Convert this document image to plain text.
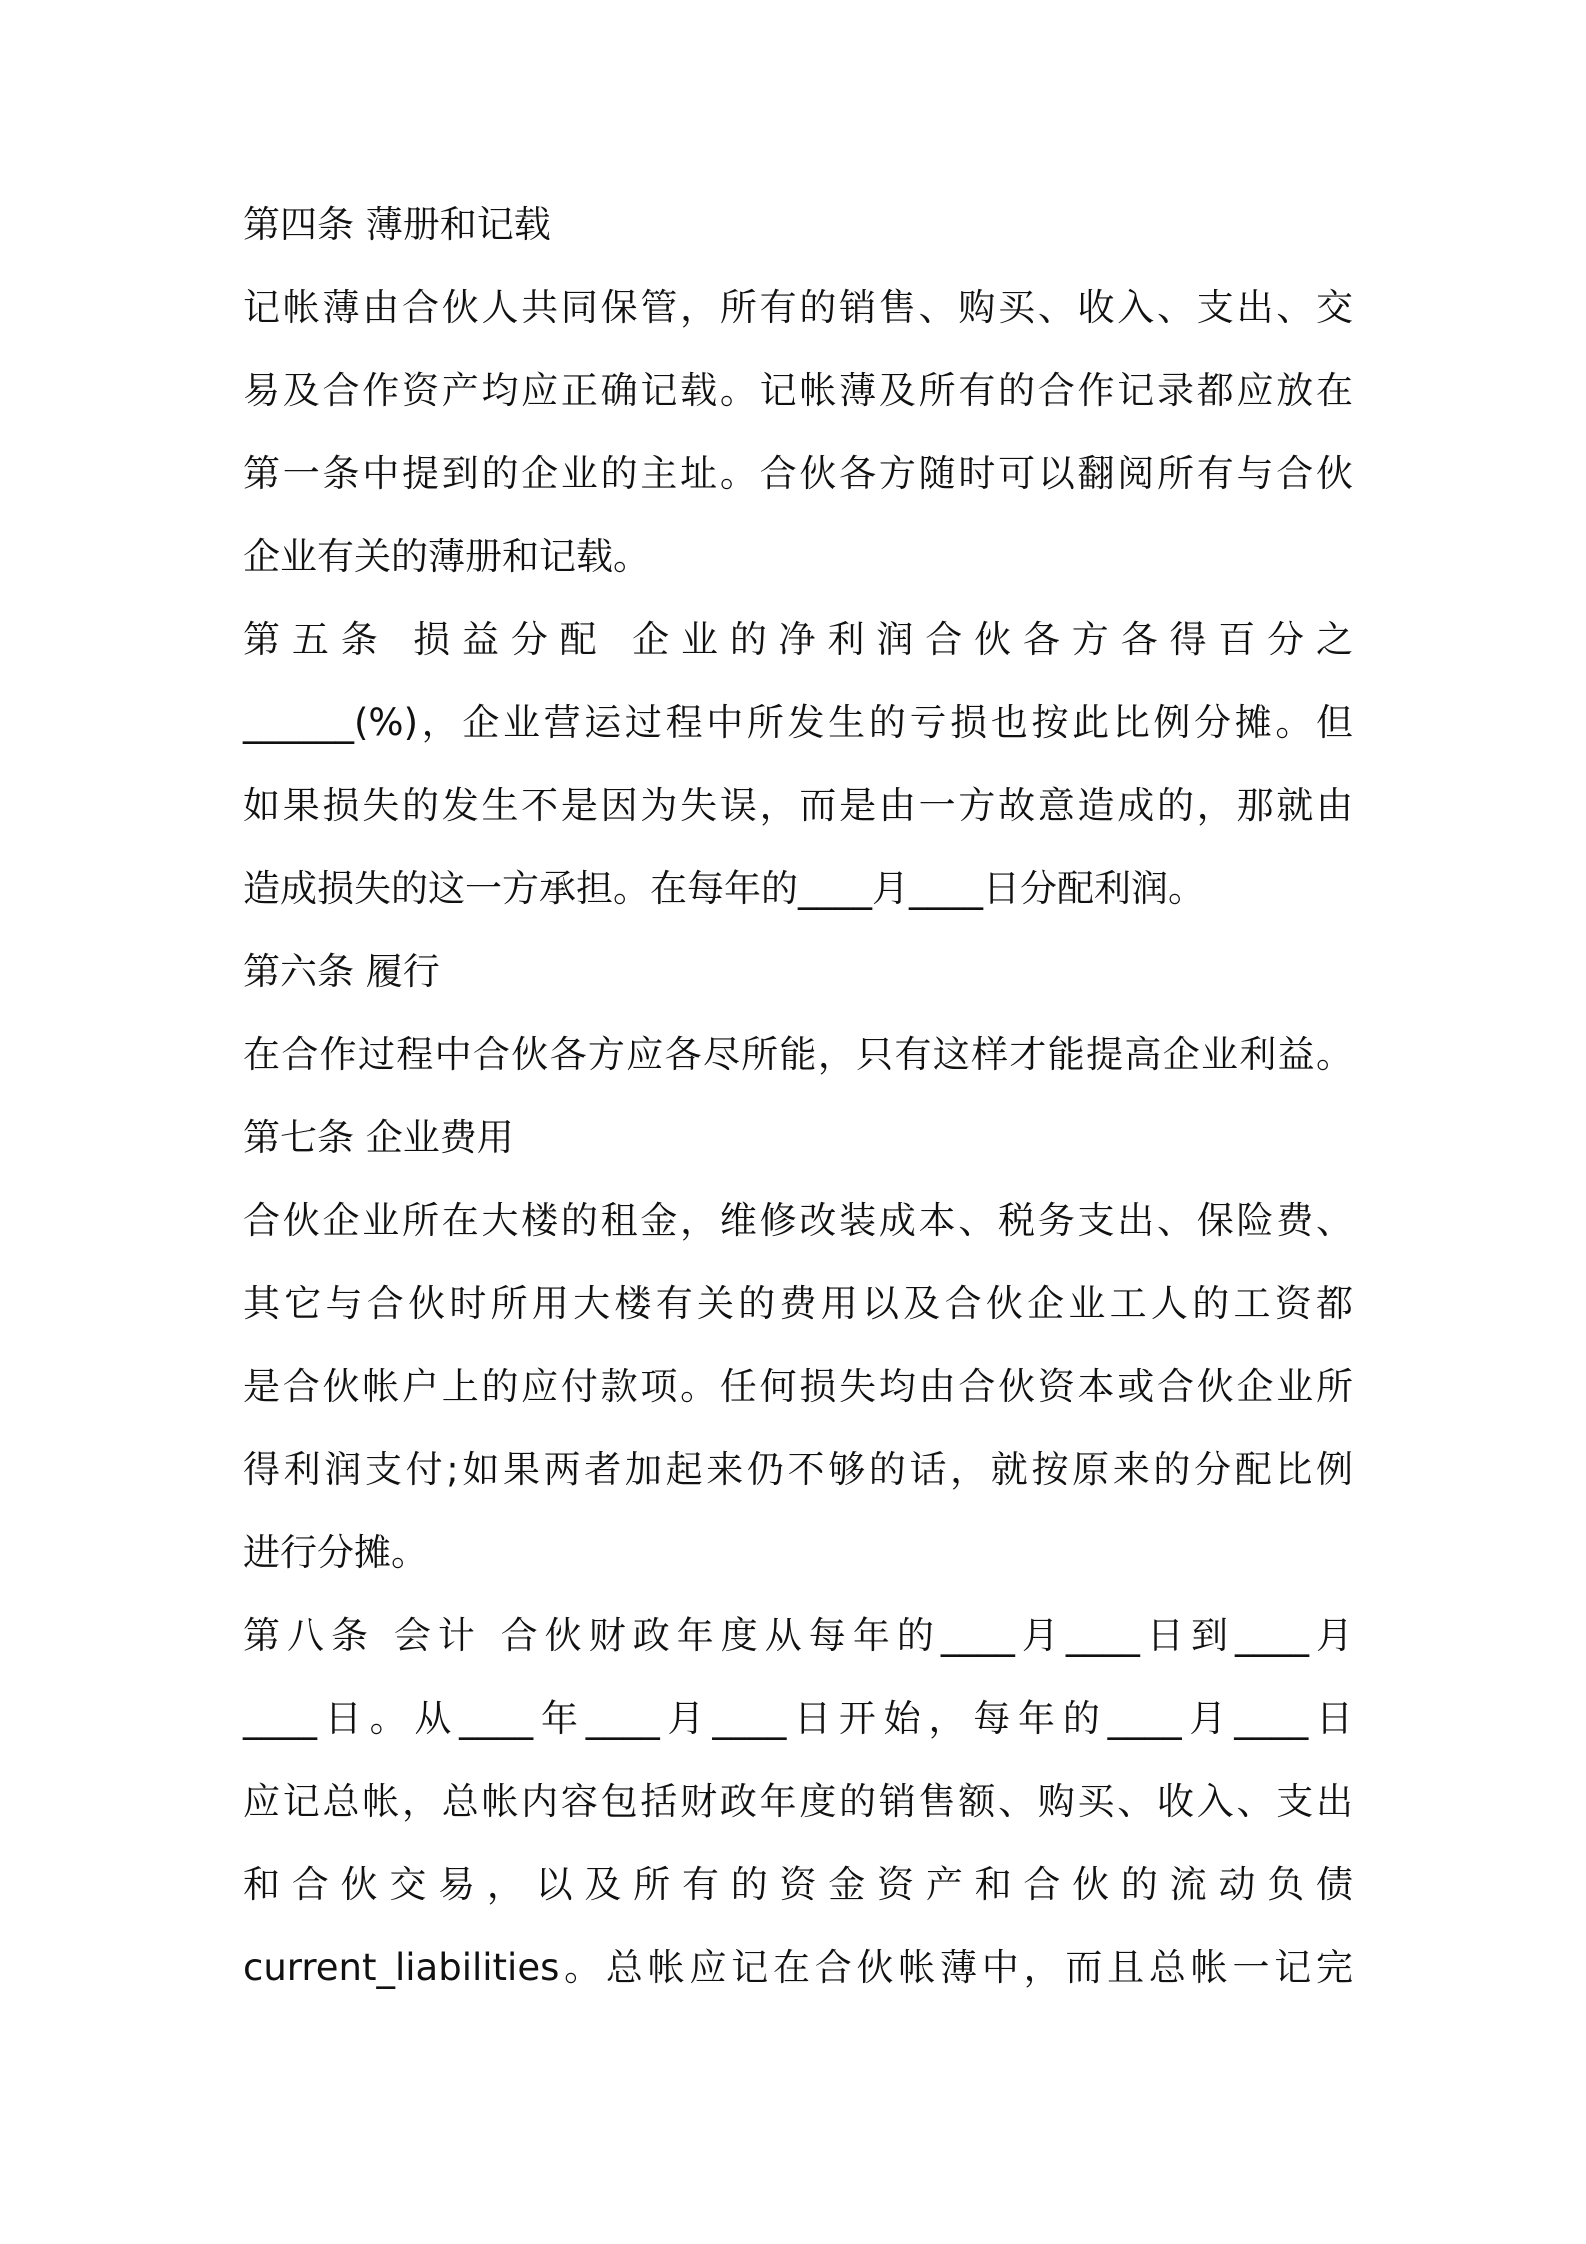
第四条 薄册和记载

记帐薄由合伙人共同保管，所有的销售、购买、收入、支出、交

易及合作资产均应正确记载。记帐薄及所有的合作记录都应放在

第一条中提到的企业的主址。合伙各方随时可以翻阅所有与合伙

企业有关的薄册和记载。

第五条 损益分配 企业的净利润合伙各方各得百分之

______(%)，企业营运过程中所发生的亏损也按此比例分摊。但

如果损失的发生不是因为失误，而是由一方故意造成的，那就由

造成损失的这一方承担。在每年的____月____日分配利润。

第六条 履行

在合作过程中合伙各方应各尽所能，只有这样才能提高企业利益。

第七条 企业费用

合伙企业所在大楼的租金，维修改装成本、税务支出、保险费、

其它与合伙时所用大楼有关的费用以及合伙企业工人的工资都

是合伙帐户上的应付款项。任何损失均由合伙资本或合伙企业所

得利润支付;如果两者加起来仍不够的话，就按原来的分配比例

进行分摊。

第八条 会计 合伙财政年度从每年的____月____日到____月

____日。从____年____月____日开始，每年的____月____日

应记总帐，总帐内容包括财政年度的销售额、购买、收入、支出

和合伙交易，以及所有的资金资产和合伙的流动负债

current_liabilities。总帐应记在合伙帐薄中，而且总帐一记完
